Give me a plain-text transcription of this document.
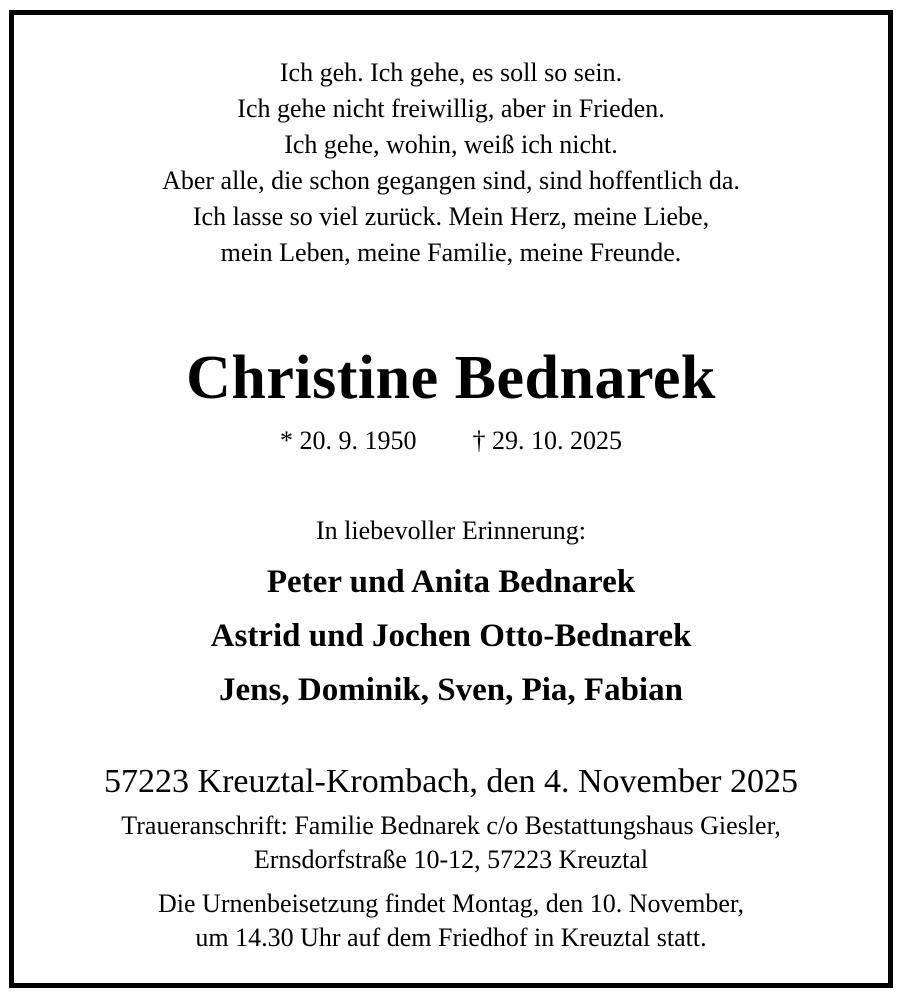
Ich geh. Ich gehe, es soll so sein.
Ich gehe nicht freiwillig, aber in Frieden.
Ich gehe, wohin, weiß ich nicht.
Aber alle, die schon gegangen sind, sind hoffentlich da.
Ich lasse so viel zurück. Mein Herz, meine Liebe,
mein Leben, meine Familie, meine Freunde.
Christine Bednarek
* 20. 9. 1950 † 29. 10. 2025
In liebevoller Erinnerung:
Peter und Anita Bednarek
Astrid und Jochen Otto-Bednarek
Jens, Dominik, Sven, Pia, Fabian
57223 Kreuztal-Krombach, den 4. November 2025
Traueranschrift: Familie Bednarek c/o Bestattungshaus Giesler,
Ernsdorfstraße 10-12, 57223 Kreuztal
Die Urnenbeisetzung findet Montag, den 10. November,
um 14.30 Uhr auf dem Friedhof in Kreuztal statt.
